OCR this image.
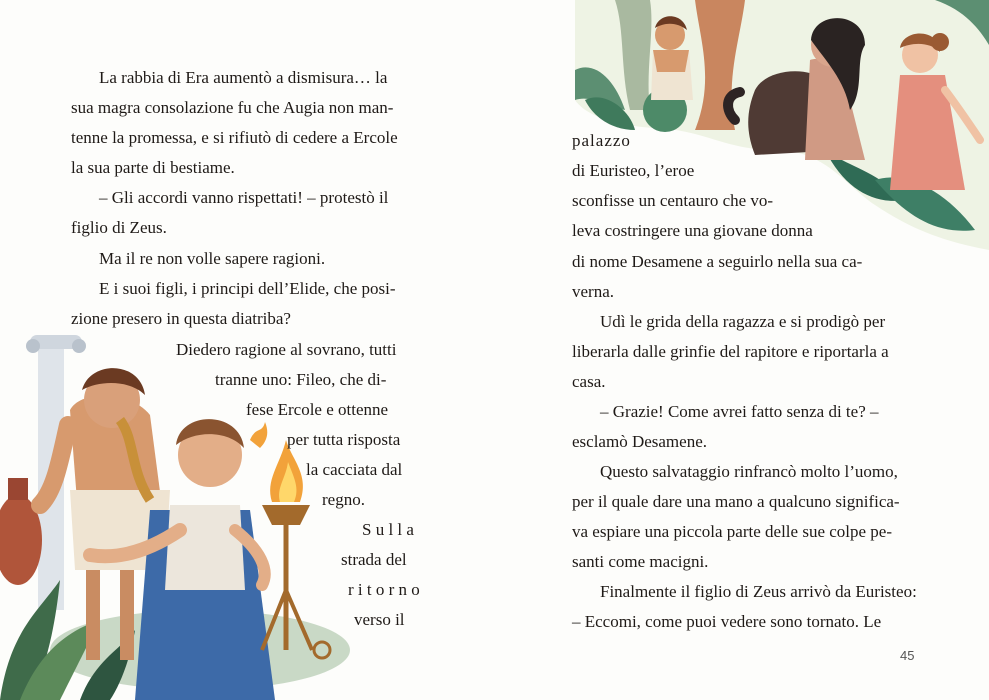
La rabbia di Era aumentò a dismisura… la
sua magra consolazione fu che Augia non man-
tenne la promessa, e si rifiutò di cedere a Ercole
la sua parte di bestiame.
– Gli accordi vanno rispettati! – protestò il
figlio di Zeus.
Ma il re non volle sapere ragioni.
E i suoi figli, i principi dell’Elide, che posi-
zione presero in questa diatriba?
Diedero ragione al sovrano, tutti
tranne uno: Fileo, che di-
fese Ercole e ottenne
per tutta risposta
la cacciata dal
regno.
S u l l a
strada del
r i t o r n o
verso il
palazzo
di Euristeo, l’eroe
sconfisse un centauro che vo-
leva costringere una giovane donna
di nome Desamene a seguirlo nella sua ca-
verna.
Udì le grida della ragazza e si prodigò per
liberarla dalle grinfie del rapitore e riportarla a
casa.
– Grazie! Come avrei fatto senza di te? –
esclamò Desamene.
Questo salvataggio rinfrancò molto l’uomo,
per il quale dare una mano a qualcuno significa-
va espiare una piccola parte delle sue colpe pe-
santi come macigni.
Finalmente il figlio di Zeus arrivò da Euristeo:
– Eccomi, come puoi vedere sono tornato. Le
45
